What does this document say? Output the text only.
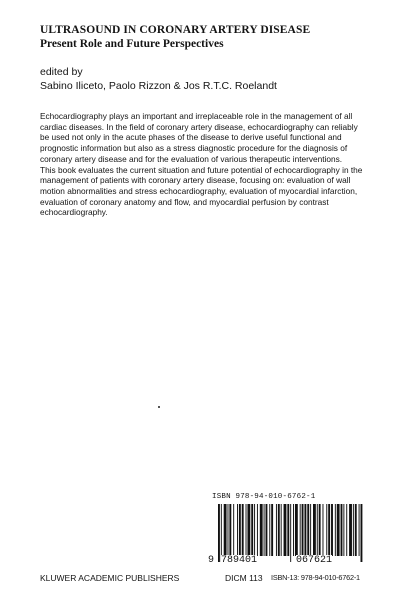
ULTRASOUND IN CORONARY ARTERY DISEASE
Present Role and Future Perspectives
edited by
Sabino Iliceto, Paolo Rizzon & Jos R.T.C. Roelandt

Echocardiography plays an important and irreplaceable role in the management of all cardiac diseases. In the field of coronary artery disease, echocardiography can reliably be used not only in the acute phases of the disease to derive useful functional and prognostic information but also as a stress diagnostic procedure for the diagnosis of coronary artery disease and for the evaluation of various therapeutic interventions.

This book evaluates the current situation and future potential of echocardiography in the management of patients with coronary artery disease, focusing on: evaluation of wall motion abnormalities and stress echocardiography, evaluation of myocardial infarction, evaluation of coronary anatomy and flow, and myocardial perfusion by contrast echocardiography.

ISBN 978-94-010-6762-1
9 789401	067621
KLUWER ACADEMIC PUBLISHERS	DICM 113 ISBN-13: 978-94-010-6762-1
